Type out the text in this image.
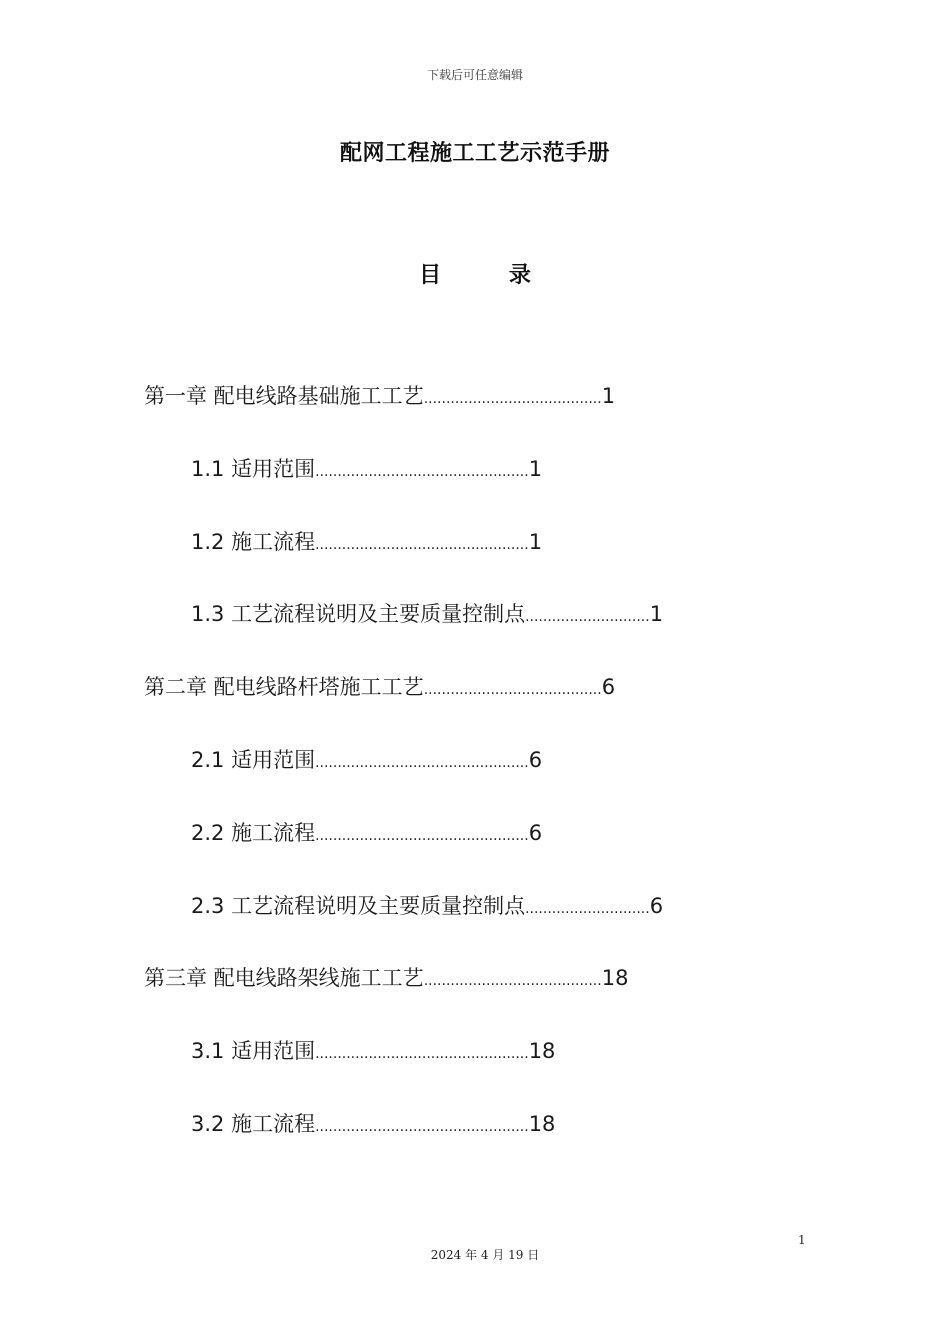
下载后可任意编辑
配网工程施工工艺示范手册
目 录
第一章 配电线路基础施工工艺........................................1
1.1 适用范围................................................1
1.2 施工流程................................................1
1.3 工艺流程说明及主要质量控制点............................1
第二章 配电线路杆塔施工工艺........................................6
2.1 适用范围................................................6
2.2 施工流程................................................6
2.3 工艺流程说明及主要质量控制点............................6
第三章 配电线路架线施工工艺........................................18
3.1 适用范围................................................18
3.2 施工流程................................................18
1
2024 年 4 月 19 日
